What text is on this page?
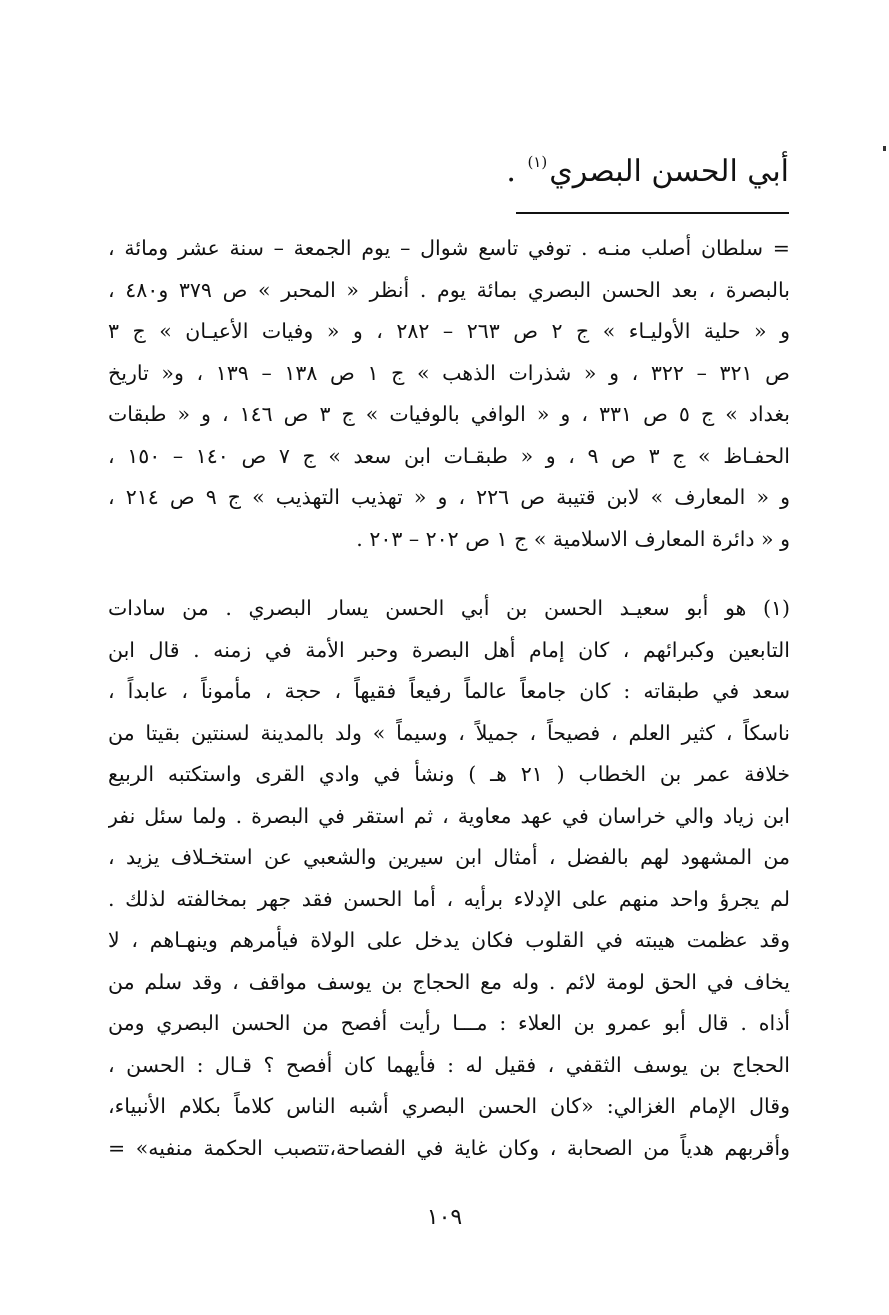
أبي الحسن البصري$^{(١)}$ .
= سلطان أصلب منـه . توفي تاسع شوال – يوم الجمعة – سنة عشر ومائة ،
بالبصرة ، بعد الحسن البصري بمائة يوم . أنظر « المحبر » ص ٣٧٩ و٤٨٠ ،
و « حلية الأوليـاء » ج ٢ ص ٢٦٣ – ٢٨٢ ، و « وفيات الأعيـان » ج ٣
ص ٣٢١ – ٣٢٢ ، و « شذرات الذهب » ج ١ ص ١٣٨ – ١٣٩ ، و« تاريخ
بغداد » ج ٥ ص ٣٣١ ، و « الوافي بالوفيات » ج ٣ ص ١٤٦ ، و « طبقات
الحفـاظ » ج ٣ ص ٩ ، و « طبقـات ابن سعد » ج ٧ ص ١٤٠ – ١٥٠ ،
و « المعارف » لابن قتيبة ص ٢٢٦ ، و « تهذيب التهذيب » ج ٩ ص ٢١٤ ،
و « دائرة المعارف الاسلامية » ج ١ ص ٢٠٢ – ٢٠٣ .
(١) هو أبو سعيـد الحسن بن أبي الحسن يسار البصري . من سادات
التابعين وكبرائهم ، كان إمام أهل البصرة وحبر الأمة في زمنه . قال ابن
سعد في طبقاته : كان جامعاً عالماً رفيعاً فقيهاً ، حجة ، مأموناً ، عابداً ،
ناسكاً ، كثير العلم ، فصيحاً ، جميلاً ، وسيماً » ولد بالمدينة لسنتين بقيتا من
خلافة عمر بن الخطاب ( ٢١ هـ ) ونشأ في وادي القرى واستكتبه الربيع
ابن زياد والي خراسان في عهد معاوية ، ثم استقر في البصرة . ولما سئل نفر
من المشهود لهم بالفضل ، أمثال ابن سيرين والشعبي عن استخـلاف يزيد ،
لم يجرؤ واحد منهم على الإدلاء برأيه ، أما الحسن فقد جهر بمخالفته لذلك .
وقد عظمت هيبته في القلوب فكان يدخل على الولاة فيأمرهم وينهـاهم ، لا
يخاف في الحق لومة لائم . وله مع الحجاج بن يوسف مواقف ، وقد سلم من
أذاه . قال أبو عمرو بن العلاء : مـــا رأيت أفصح من الحسن البصري ومن
الحجاج بن يوسف الثقفي ، فقيل له : فأيهما كان أفصح ؟ قـال : الحسن ،
وقال الإمام الغزالي: «كان الحسن البصري أشبه الناس كلاماً بكلام الأنبياء،
وأقربهم هدياً من الصحابة ، وكان غاية في الفصاحة،تتصبب الحكمة منفيه» =
١٠٩
